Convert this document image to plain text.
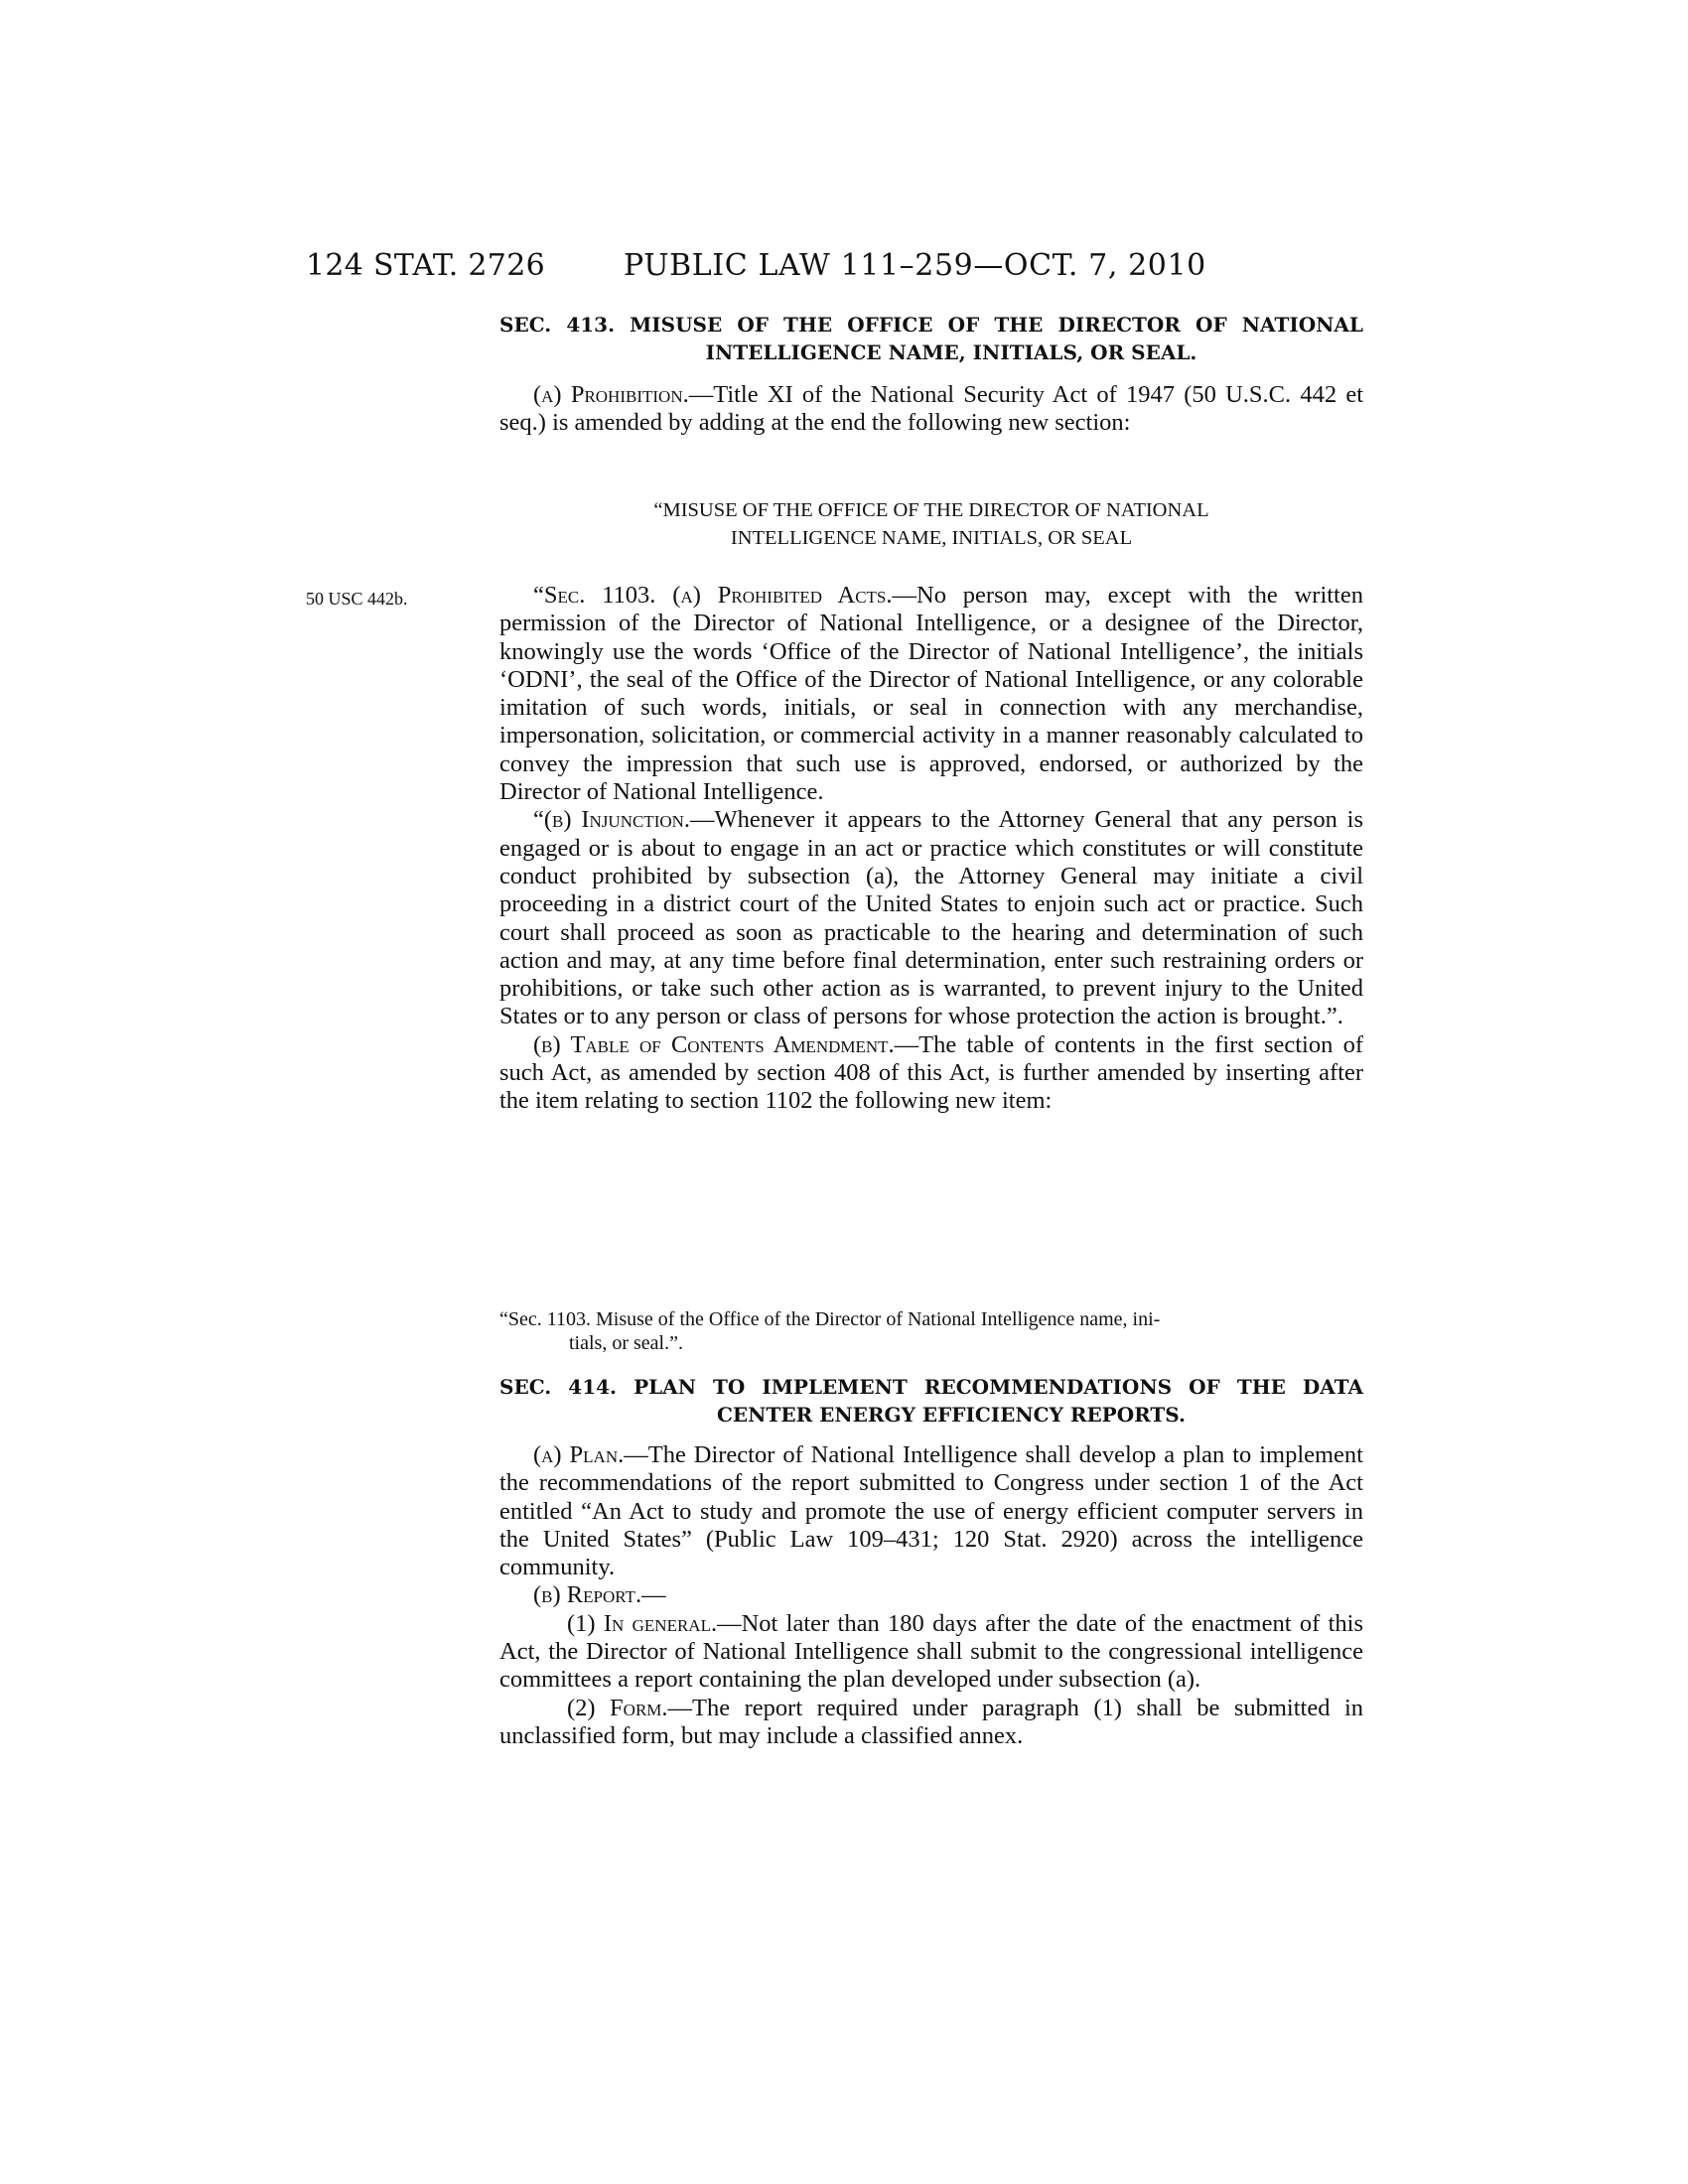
124 STAT. 2726	PUBLIC LAW 111–259—OCT. 7, 2010
SEC. 413. MISUSE OF THE OFFICE OF THE DIRECTOR OF NATIONAL
INTELLIGENCE NAME, INITIALS, OR SEAL.

(a) Prohibition.—Title XI of the National Security Act of 1947 (50 U.S.C. 442 et seq.) is amended by adding at the end the following new section:

“MISUSE OF THE OFFICE OF THE DIRECTOR OF NATIONAL
INTELLIGENCE NAME, INITIALS, OR SEAL
50 USC 442b.	“Sec. 1103. (a) Prohibited Acts.—No person may, except with the written permission of the Director of National Intelligence, or a designee of the Director, knowingly use the words ‘Office of the Director of National Intelligence’, the initials ‘ODNI’, the seal of the Office of the Director of National Intelligence, or any colorable imitation of such words, initials, or seal in connection with any merchandise, impersonation, solicitation, or commercial activity in a manner reasonably calculated to convey the impression that such use is approved, endorsed, or authorized by the Director of National Intelligence.

“(b) Injunction.—Whenever it appears to the Attorney General that any person is engaged or is about to engage in an act or practice which constitutes or will constitute conduct prohibited by subsection (a), the Attorney General may initiate a civil proceeding in a district court of the United States to enjoin such act or practice. Such court shall proceed as soon as practicable to the hearing and determination of such action and may, at any time before final determination, enter such restraining orders or prohibitions, or take such other action as is warranted, to prevent injury to the United States or to any person or class of persons for whose protection the action is brought.”.

(b) Table of Contents Amendment.—The table of contents in the first section of such Act, as amended by section 408 of this Act, is further amended by inserting after the item relating to section 1102 the following new item:

“Sec. 1103. Misuse of the Office of the Director of National Intelligence name, ini-
tials, or seal.”.
SEC. 414. PLAN TO IMPLEMENT RECOMMENDATIONS OF THE DATA
CENTER ENERGY EFFICIENCY REPORTS.

(a) Plan.—The Director of National Intelligence shall develop a plan to implement the recommendations of the report submitted to Congress under section 1 of the Act entitled “An Act to study and promote the use of energy efficient computer servers in the United States” (Public Law 109–431; 120 Stat. 2920) across the intelligence community.

(b) Report.—

(1) In general.—Not later than 180 days after the date of the enactment of this Act, the Director of National Intelligence shall submit to the congressional intelligence committees a report containing the plan developed under subsection (a).

(2) Form.—The report required under paragraph (1) shall be submitted in unclassified form, but may include a classified annex.
